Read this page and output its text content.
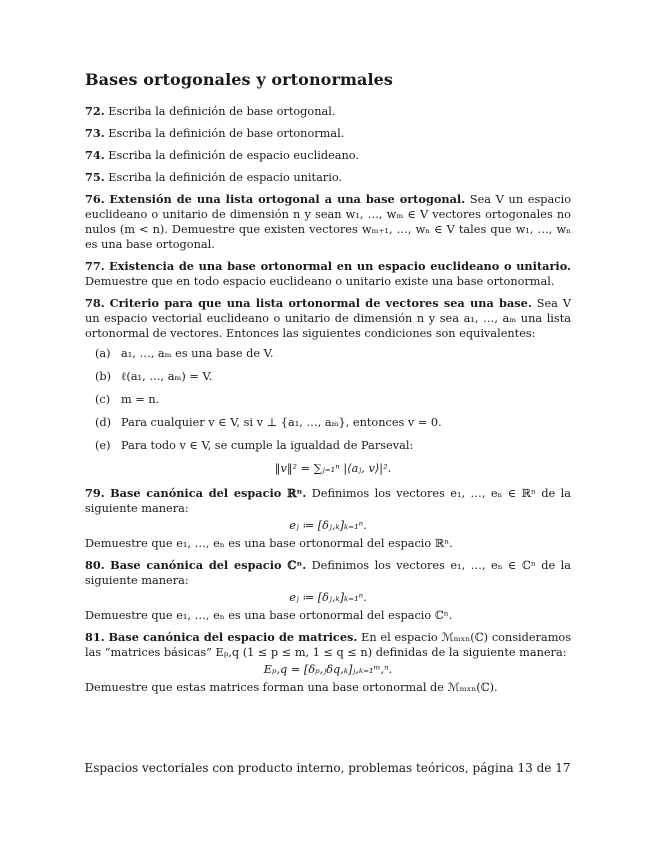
Bases ortogonales y ortonormales

72. Escriba la definición de base ortogonal.

73. Escriba la definición de base ortonormal.

74. Escriba la definición de espacio euclideano.

75. Escriba la definición de espacio unitario.

76. Extensión de una lista ortogonal a una base ortogonal. Sea V un espacio euclideano o unitario de dimensión n y sean w₁, …, wₘ ∈ V vectores ortogonales no nulos (m < n). Demuestre que existen vectores wₘ₊₁, …, wₙ ∈ V tales que w₁, …, wₙ es una base ortogonal.

77. Existencia de una base ortonormal en un espacio euclideano o unitario. Demuestre que en todo espacio euclideano o unitario existe una base ortonormal.

78. Criterio para que una lista ortonormal de vectores sea una base. Sea V un espacio vectorial euclideano o unitario de dimensión n y sea a₁, …, aₘ una lista ortonormal de vectores. Entonces las siguientes condiciones son equivalentes:

(a) a₁, …, aₘ es una base de V.
(b) ℓ(a₁, …, aₘ) = V.
(c) m = n.
(d) Para cualquier v ∈ V, si v ⊥ {a₁, …, aₘ}, entonces v = 0.
(e) Para todo v ∈ V, se cumple la igualdad de Parseval:
‖v‖² = ∑ⱼ₌₁ⁿ |⟨aⱼ, v⟩|².

79. Base canónica del espacio ℝⁿ. Definimos los vectores e₁, …, eₙ ∈ ℝⁿ de la siguiente manera:

eⱼ ≔ [δⱼ,ₖ]ₖ₌₁ⁿ.

Demuestre que e₁, …, eₙ es una base ortonormal del espacio ℝⁿ.

80. Base canónica del espacio ℂⁿ. Definimos los vectores e₁, …, eₙ ∈ ℂⁿ de la siguiente manera:

eⱼ ≔ [δⱼ,ₖ]ₖ₌₁ⁿ.

Demuestre que e₁, …, eₙ es una base ortonormal del espacio ℂⁿ.

81. Base canónica del espacio de matrices. En el espacio ℳₘₓₙ(ℂ) consideramos las “matrices básicas” Eₚ,q (1 ≤ p ≤ m, 1 ≤ q ≤ n) definidas de la siguiente manera:

Eₚ,q = [δₚ,ⱼδq,ₖ]ⱼ,ₖ₌₁ᵐ,ⁿ.

Demuestre que estas matrices forman una base ortonormal de ℳₘₓₙ(ℂ).

Espacios vectoriales con producto interno, problemas teóricos, página 13 de 17
